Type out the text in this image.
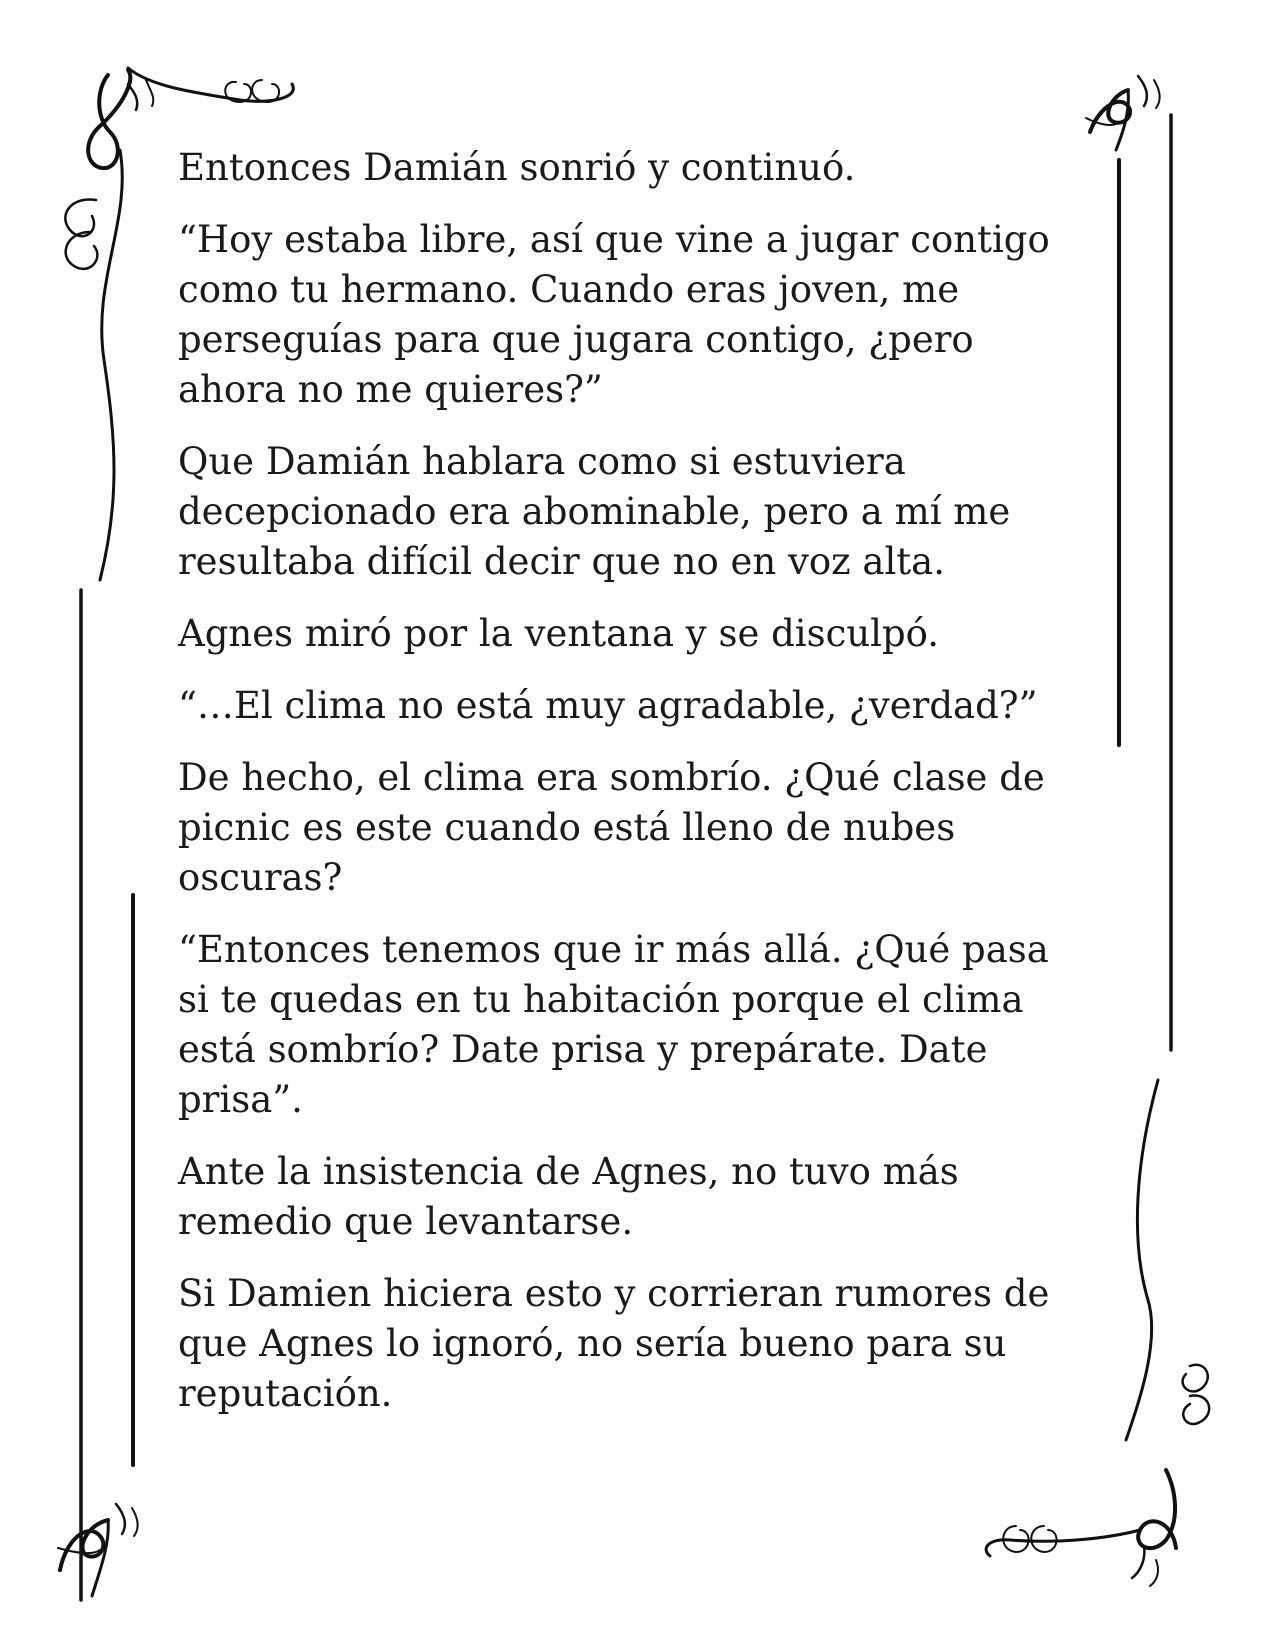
Entonces Damián sonrió y continuó.

“Hoy estaba libre, así que vine a jugar contigo como tu hermano. Cuando eras joven, me perseguías para que jugara contigo, ¿pero ahora no me quieres?”

Que Damián hablara como si estuviera decepcionado era abominable, pero a mí me resultaba difícil decir que no en voz alta.

Agnes miró por la ventana y se disculpó.

“…El clima no está muy agradable, ¿verdad?”

De hecho, el clima era sombrío. ¿Qué clase de picnic es este cuando está lleno de nubes oscuras?

“Entonces tenemos que ir más allá. ¿Qué pasa si te quedas en tu habitación porque el clima está sombrío? Date prisa y prepárate. Date prisa”.

Ante la insistencia de Agnes, no tuvo más remedio que levantarse.

Si Damien hiciera esto y corrieran rumores de que Agnes lo ignoró, no sería bueno para su reputación.
